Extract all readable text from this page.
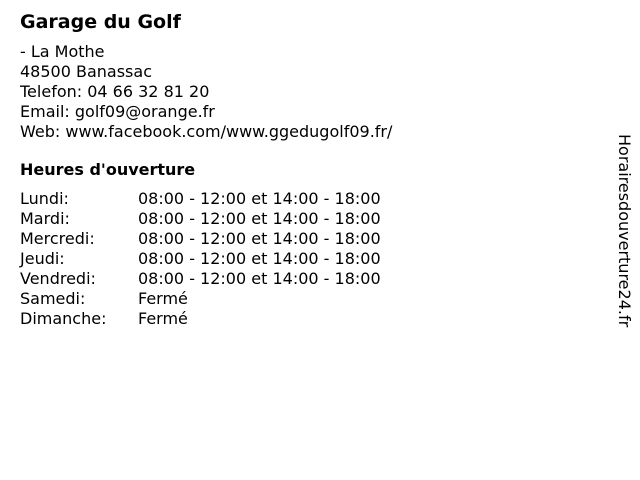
Garage du Golf
- La Mothe
48500 Banassac
Telefon: 04 66 32 81 20
Email: golf09@orange.fr
Web: www.facebook.com/www.ggedugolf09.fr/
Heures d'ouverture
Lundi:	08:00 - 12:00 et 14:00 - 18:00
Mardi:	08:00 - 12:00 et 14:00 - 18:00
Mercredi:	08:00 - 12:00 et 14:00 - 18:00
Jeudi:	08:00 - 12:00 et 14:00 - 18:00
Vendredi:	08:00 - 12:00 et 14:00 - 18:00
Samedi:	Fermé
Dimanche:	Fermé	Horairesdouverture24.fr
